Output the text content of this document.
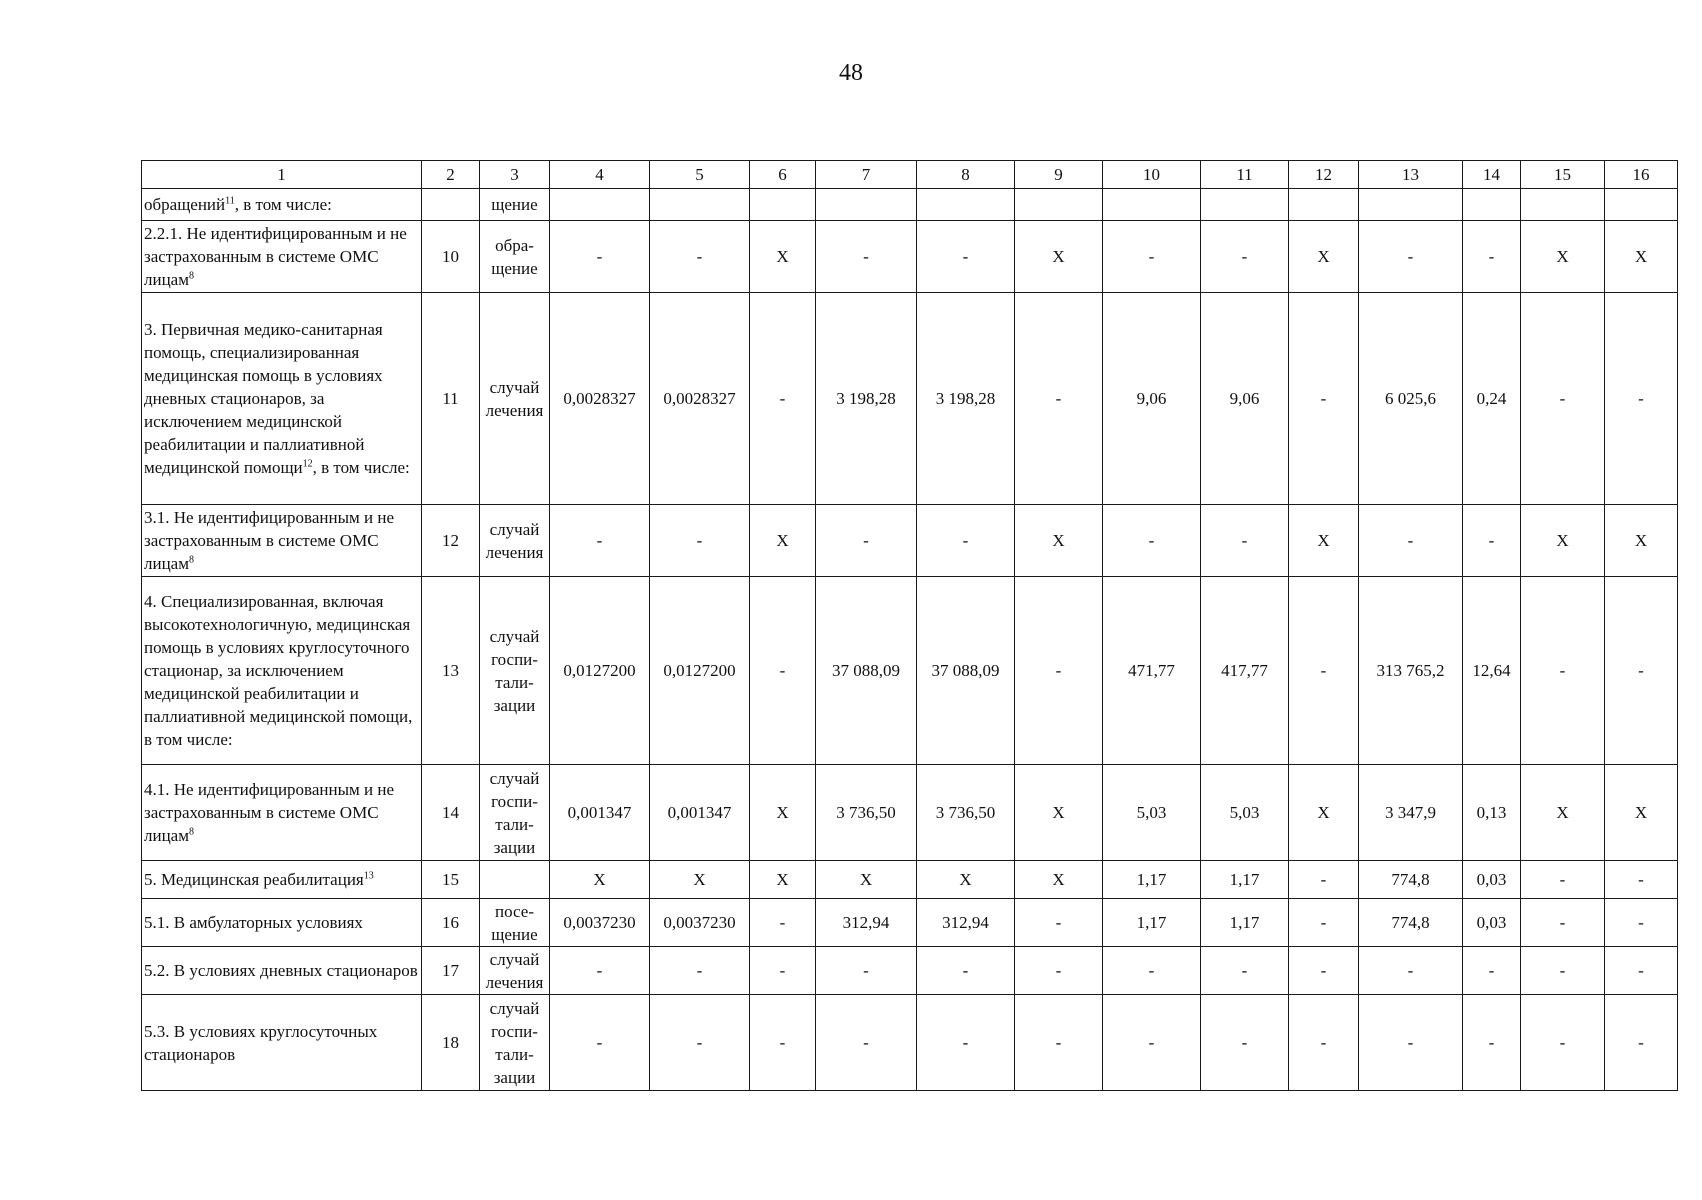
48
1	2	3	4	5	6	7	8	9	10	11	12	13	14	15	16
обращений$^{11}$, в том числе:		щение													
2.2.1. Не идентифицированным и не застрахованным в системе ОМС лицам$^8$	10	обра-щение	-	-	X	-	-	X	-	-	X	-	-	X	X
3. Первичная медико-санитарная помощь, специализированная медицинская помощь в условиях дневных стационаров, за исключением медицинской реабилитации и паллиативной медицинской помощи$^{12}$, в том числе:	11	случай лечения	0,0028327	0,0028327	-	3 198,28	3 198,28	-	9,06	9,06	-	6 025,6	0,24	-	-
3.1. Не идентифицированным и не застрахованным в системе ОМС лицам$^8$	12	случай лечения	-	-	X	-	-	X	-	-	X	-	-	X	X
4. Специализированная, включая высокотехнологичную, медицинская помощь в условиях круглосуточного стационар, за исключением медицинской реабилитации и паллиативной медицинской помощи, в том числе:	13	случай госпи-тали-зации	0,0127200	0,0127200	-	37 088,09	37 088,09	-	471,77	417,77	-	313 765,2	12,64	-	-
4.1. Не идентифицированным и не застрахованным в системе ОМС лицам$^8$	14	случай госпи-тали-зации	0,001347	0,001347	X	3 736,50	3 736,50	X	5,03	5,03	X	3 347,9	0,13	X	X
5. Медицинская реабилитация$^{13}$	15		X	X	X	X	X	X	1,17	1,17	-	774,8	0,03	-	-
5.1. В амбулаторных условиях	16	посе-щение	0,0037230	0,0037230	-	312,94	312,94	-	1,17	1,17	-	774,8	0,03	-	-
5.2. В условиях дневных стационаров	17	случай лечения	-	-	-	-	-	-	-	-	-	-	-	-	-
5.3. В условиях круглосуточных стационаров	18	случай госпи-тали-зации	-	-	-	-	-	-	-	-	-	-	-	-	-
